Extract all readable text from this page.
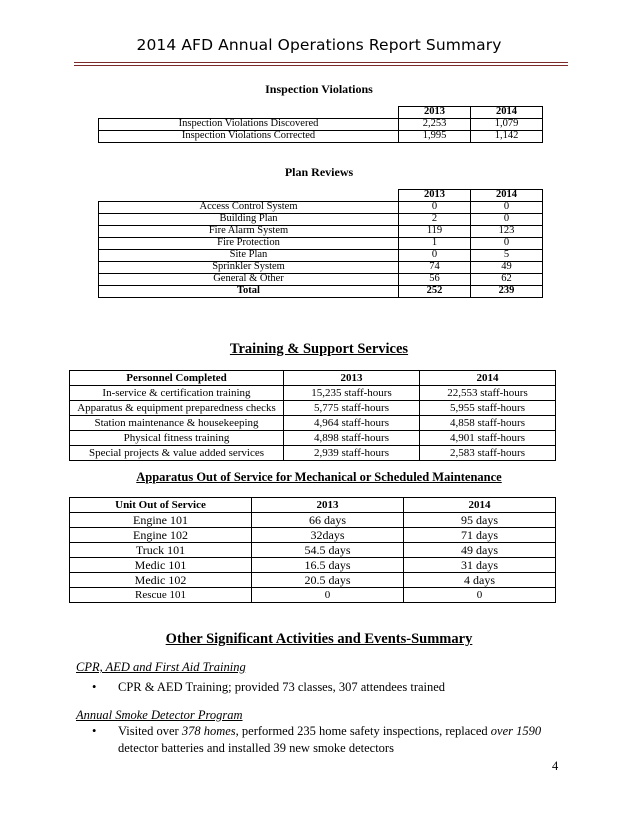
2014 AFD Annual Operations Report Summary
Inspection Violations
	2013	2014
Inspection Violations Discovered	2,253	1,079
Inspection Violations Corrected	1,995	1,142
Plan Reviews
	2013	2014
Access Control System	0	0
Building Plan	2	0
Fire Alarm System	119	123
Fire Protection	1	0
Site Plan	0	5
Sprinkler System	74	49
General & Other	56	62
Total	252	239
Training & Support Services
Personnel Completed	2013	2014
In-service & certification training	15,235 staff-hours	22,553 staff-hours
Apparatus & equipment preparedness checks	5,775 staff-hours	5,955 staff-hours
Station maintenance & housekeeping	4,964 staff-hours	4,858 staff-hours
Physical fitness training	4,898 staff-hours	4,901 staff-hours
Special projects & value added services	2,939 staff-hours	2,583 staff-hours
Apparatus Out of Service for Mechanical or Scheduled Maintenance
Unit Out of Service	2013	2014
Engine 101	66 days	95 days
Engine 102	32days	71 days
Truck 101	54.5 days	49 days
Medic 101	16.5 days	31 days
Medic 102	20.5 days	4 days
Rescue 101	0	0
Other Significant Activities and Events-Summary
CPR, AED and First Aid Training
• CPR & AED Training; provided 73 classes, 307 attendees trained
Annual Smoke Detector Program
• Visited over 378 homes, performed 235 home safety inspections, replaced over 1590
detector batteries and installed 39 new smoke detectors
4
